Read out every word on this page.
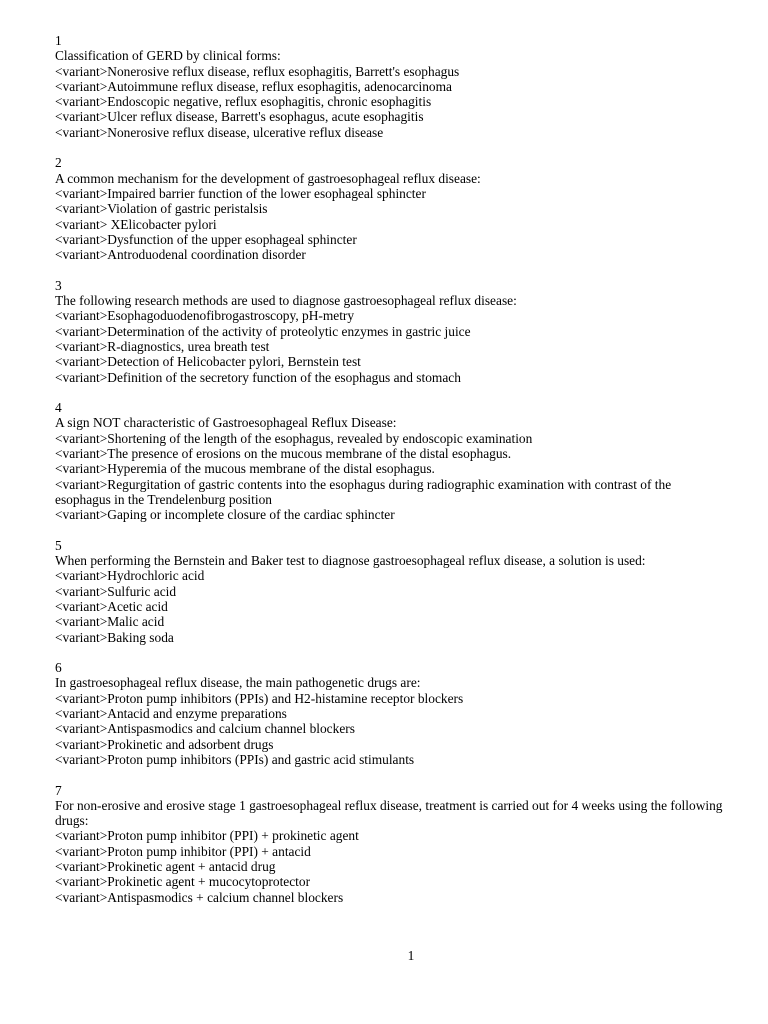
1
Classification of GERD by clinical forms:
<variant>Nonerosive reflux disease, reflux esophagitis, Barrett's esophagus
<variant>Autoimmune reflux disease, reflux esophagitis, adenocarcinoma
<variant>Endoscopic negative, reflux esophagitis, chronic esophagitis
<variant>Ulcer reflux disease, Barrett's esophagus, acute esophagitis
<variant>Nonerosive reflux disease, ulcerative reflux disease
2
A common mechanism for the development of gastroesophageal reflux disease:
<variant>Impaired barrier function of the lower esophageal sphincter
<variant>Violation of gastric peristalsis
<variant> XElicobacter pylori
<variant>Dysfunction of the upper esophageal sphincter
<variant>Antroduodenal coordination disorder
3
The following research methods are used to diagnose gastroesophageal reflux disease:
<variant>Esophagoduodenofibrogastroscopy, pH-metry
<variant>Determination of the activity of proteolytic enzymes in gastric juice
<variant>R-diagnostics, urea breath test
<variant>Detection of Helicobacter pylori, Bernstein test
<variant>Definition of the secretory function of the esophagus and stomach
4
A sign NOT characteristic of Gastroesophageal Reflux Disease:
<variant>Shortening of the length of the esophagus, revealed by endoscopic examination
<variant>The presence of erosions on the mucous membrane of the distal esophagus.
<variant>Hyperemia of the mucous membrane of the distal esophagus.
<variant>Regurgitation of gastric contents into the esophagus during radiographic examination with contrast of the esophagus in the Trendelenburg position
<variant>Gaping or incomplete closure of the cardiac sphincter
5
When performing the Bernstein and Baker test to diagnose gastroesophageal reflux disease, a solution is used:
<variant>Hydrochloric acid
<variant>Sulfuric acid
<variant>Acetic acid
<variant>Malic acid
<variant>Baking soda
6
In gastroesophageal reflux disease, the main pathogenetic drugs are:
<variant>Proton pump inhibitors (PPIs) and H2-histamine receptor blockers
<variant>Antacid and enzyme preparations
<variant>Antispasmodics and calcium channel blockers
<variant>Prokinetic and adsorbent drugs
<variant>Proton pump inhibitors (PPIs) and gastric acid stimulants
7
For non-erosive and erosive stage 1 gastroesophageal reflux disease, treatment is carried out for 4 weeks using the following drugs:
<variant>Proton pump inhibitor (PPI) + prokinetic agent
<variant>Proton pump inhibitor (PPI) + antacid
<variant>Prokinetic agent + antacid drug
<variant>Prokinetic agent + mucocytoprotector
<variant>Antispasmodics + calcium channel blockers
1
